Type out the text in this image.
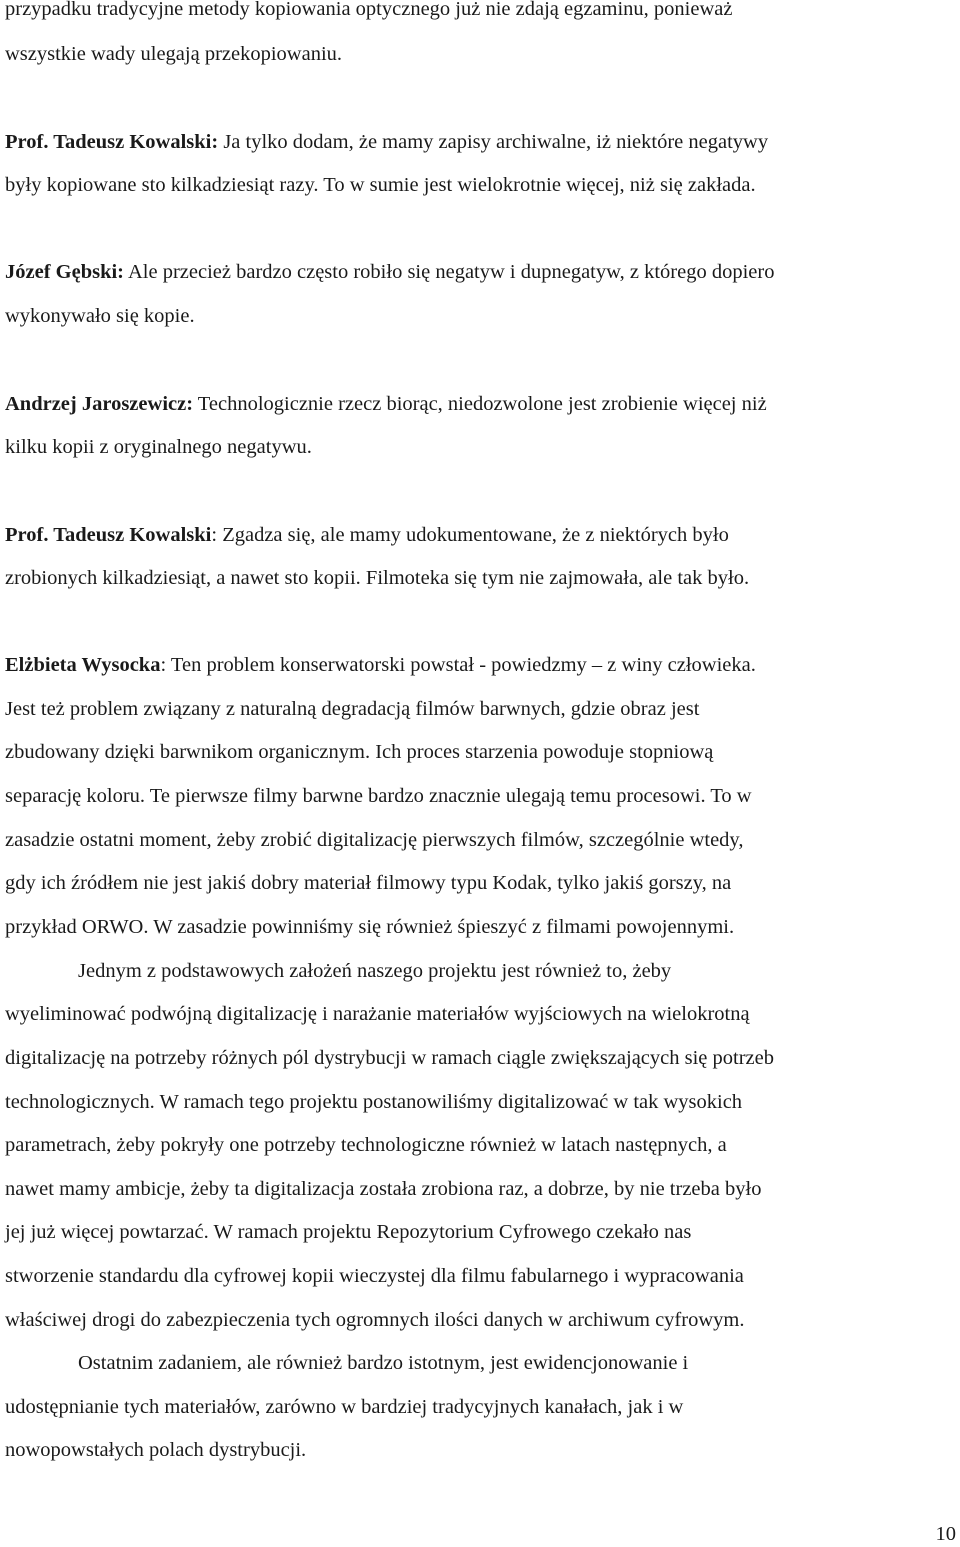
przypadku tradycyjne metody kopiowania optycznego już nie zdają egzaminu, ponieważ

wszystkie wady ulegają przekopiowaniu.

Prof. Tadeusz Kowalski: Ja tylko dodam, że mamy zapisy archiwalne, iż niektóre negatywy

były kopiowane sto kilkadziesiąt razy. To w sumie jest wielokrotnie więcej, niż się zakłada.

Józef Gębski: Ale przecież bardzo często robiło się negatyw i dupnegatyw, z którego dopiero

wykonywało się kopie.

Andrzej Jaroszewicz: Technologicznie rzecz biorąc, niedozwolone jest zrobienie więcej niż

kilku kopii z oryginalnego negatywu.

Prof. Tadeusz Kowalski: Zgadza się, ale mamy udokumentowane, że z niektórych było

zrobionych kilkadziesiąt, a nawet sto kopii. Filmoteka się tym nie zajmowała, ale tak było.

Elżbieta Wysocka: Ten problem konserwatorski powstał - powiedzmy – z winy człowieka.

Jest też problem związany z naturalną degradacją filmów barwnych, gdzie obraz jest

zbudowany dzięki barwnikom organicznym. Ich proces starzenia powoduje stopniową

separację koloru. Te pierwsze filmy barwne bardzo znacznie ulegają temu procesowi. To w

zasadzie ostatni moment, żeby zrobić digitalizację pierwszych filmów, szczególnie wtedy,

gdy ich źródłem nie jest jakiś dobry materiał filmowy typu Kodak, tylko jakiś gorszy, na

przykład ORWO. W zasadzie powinniśmy się również śpieszyć z filmami powojennymi.

Jednym z podstawowych założeń naszego projektu jest również to, żeby

wyeliminować podwójną digitalizację i narażanie materiałów wyjściowych na wielokrotną

digitalizację na potrzeby różnych pól dystrybucji w ramach ciągle zwiększających się potrzeb

technologicznych. W ramach tego projektu postanowiliśmy digitalizować w tak wysokich

parametrach, żeby pokryły one potrzeby technologiczne również w latach następnych, a

nawet mamy ambicje, żeby ta digitalizacja została zrobiona raz, a dobrze, by nie trzeba było

jej już więcej powtarzać. W ramach projektu Repozytorium Cyfrowego czekało nas

stworzenie standardu dla cyfrowej kopii wieczystej dla filmu fabularnego i wypracowania

właściwej drogi do zabezpieczenia tych ogromnych ilości danych w archiwum cyfrowym.

Ostatnim zadaniem, ale również bardzo istotnym, jest ewidencjonowanie i

udostępnianie tych materiałów, zarówno w bardziej tradycyjnych kanałach, jak i w

nowopowstałych polach dystrybucji.

10
